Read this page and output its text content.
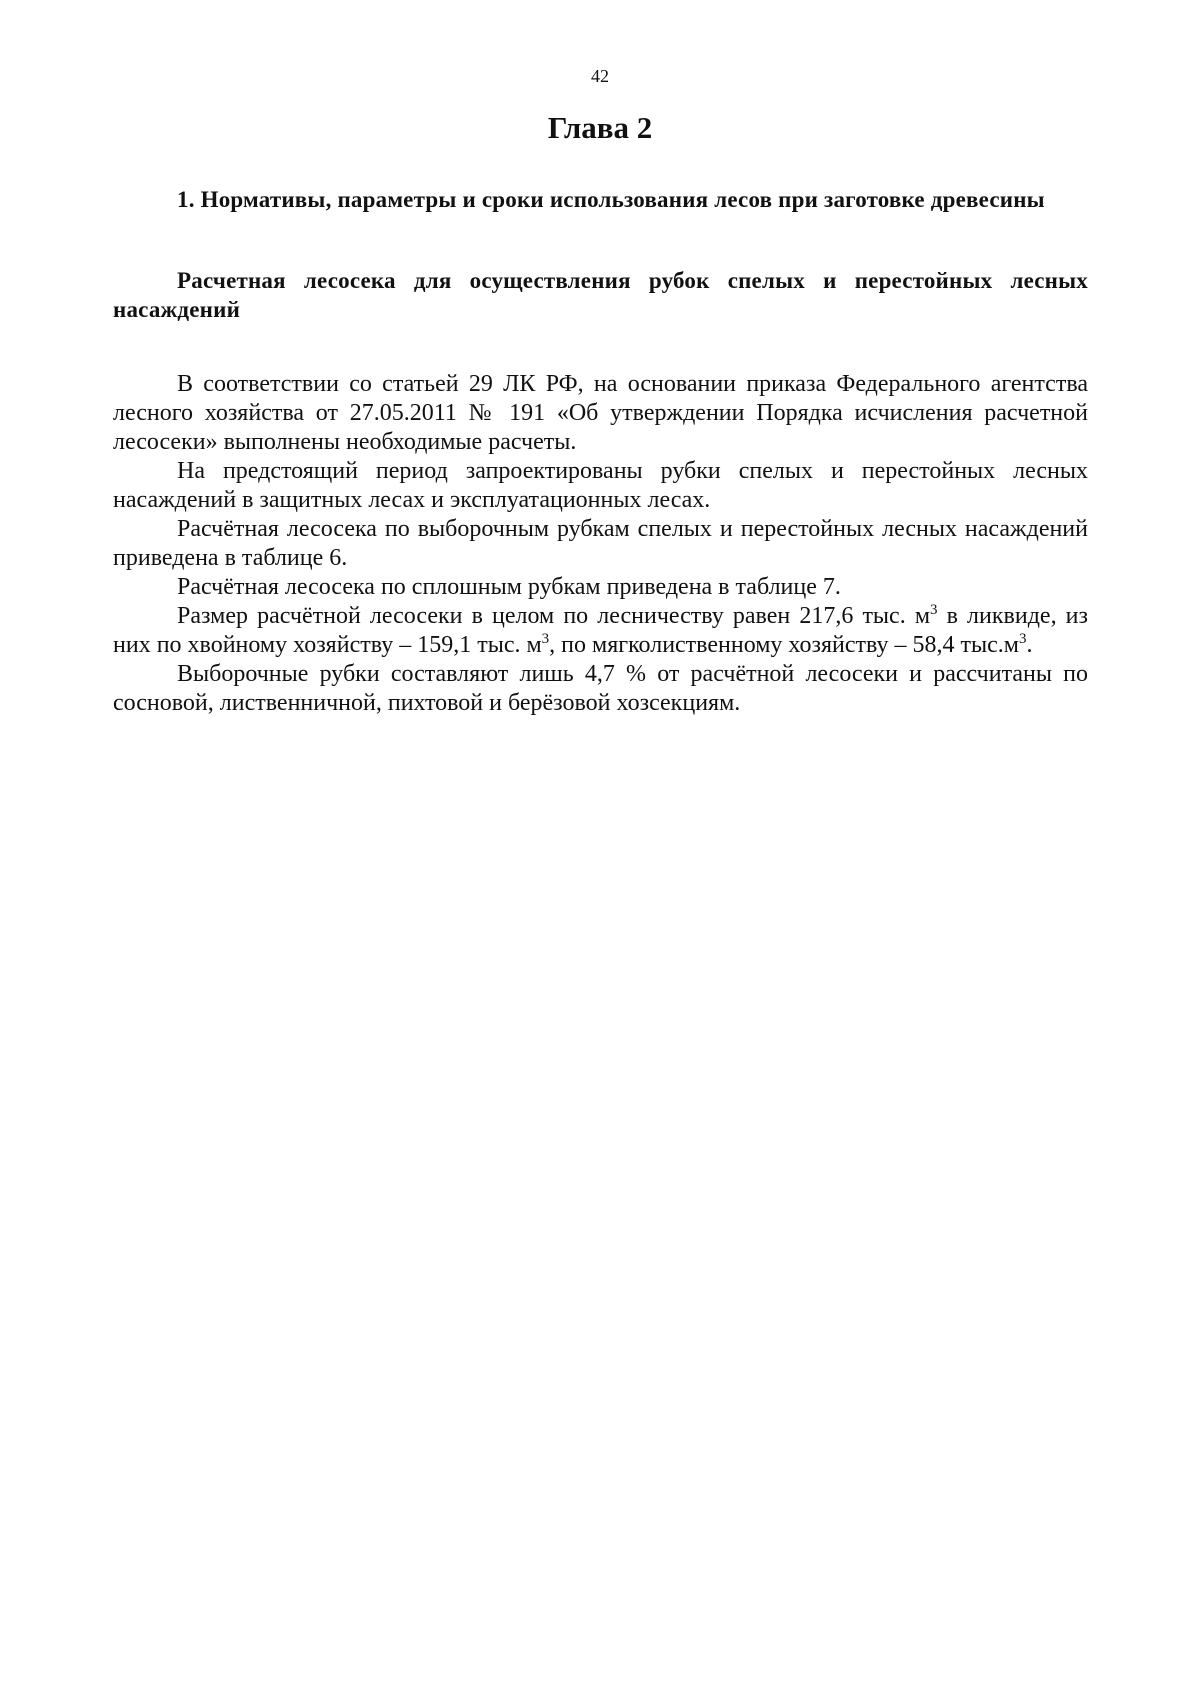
42

Глава 2
1. Нормативы, параметры и сроки использования лесов при заготовке древесины
Расчетная лесосека для осуществления рубок спелых и перестойных лесных насаждений

В соответствии со статьей 29 ЛК РФ, на основании приказа Федерального агентства лесного хозяйства от 27.05.2011 № 191 «Об утверждении Порядка исчисления расчетной лесосеки» выполнены необходимые расчеты.

На предстоящий период запроектированы рубки спелых и перестойных лесных насаждений в защитных лесах и эксплуатационных лесах.

Расчётная лесосека по выборочным рубкам спелых и перестойных лесных насаждений приведена в таблице 6.

Расчётная лесосека по сплошным рубкам приведена в таблице 7.

Размер расчётной лесосеки в целом по лесничеству равен 217,6 тыс. $м^3$ в ликвиде, из них по хвойному хозяйству – 159,1 тыс. $м^3$, по мягколиственному хозяйству – 58,4 $тыс.м^3$.

Выборочные рубки составляют лишь 4,7 % от расчётной лесосеки и рассчитаны по сосновой, лиственничной, пихтовой и берёзовой хозсекциям.
